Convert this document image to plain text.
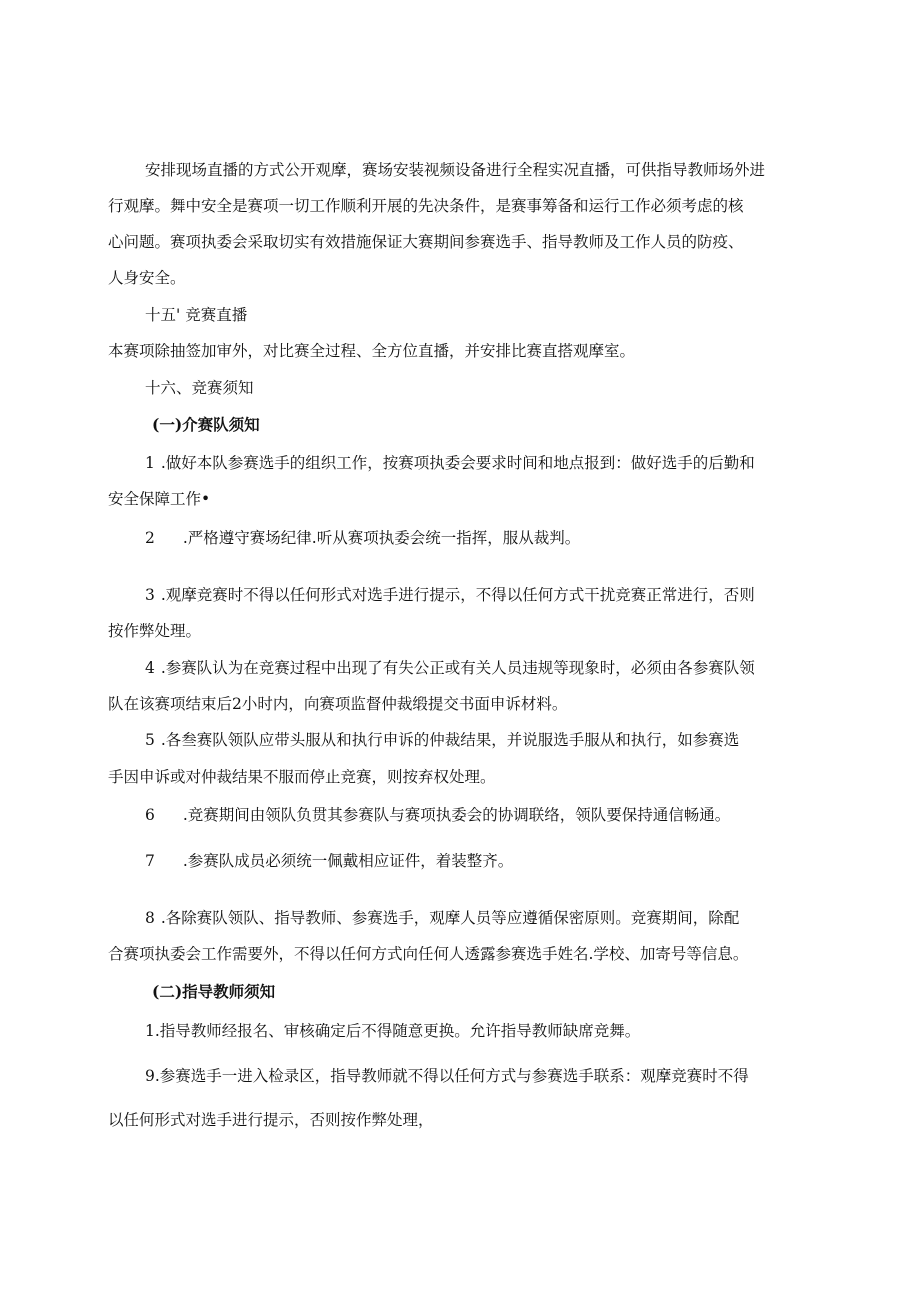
安排现场直播的方式公开观摩，赛场安装视频设备进行全程实况直播，可供指导教师场外进

行观摩。舞中安全是赛项一切工作顺利开展的先决条件，是赛事筹备和运行工作必须考虑的核

心问题。赛项执委会采取切实有效措施保证大赛期间参赛选手、指导教师及工作人员的防疫、

人身安全。

十五' 竞赛直播

本赛项除抽签加审外，对比赛全过程、全方位直播，并安排比赛直搭观摩室。

十六、竞赛须知

(一)介赛队须知

1 .做好本队参赛选手的组织工作，按赛项执委会要求时间和地点报到：做好选手的后勤和

安全保障工作•

2 .严格遵守赛场纪律.听从赛项执委会统一指挥，服从裁判。

3 .观摩竞赛时不得以任何形式对选手进行提示，不得以任何方式干扰竞赛正常进行，否则

按作弊处理。

4 .参赛队认为在竞赛过程中出现了有失公正或有关人员违规等现象时，必须由各参赛队领

队在该赛项结束后2小时内，向赛项监督仲裁缎提交书面申诉材料。

5 .各叁赛队领队应带头服从和执行申诉的仲裁结果，并说服选手服从和执行，如参赛选

手因申诉或对仲裁结果不服而停止竞赛，则按弃权处理。

6 .竞赛期间由领队负贯其参赛队与赛项执委会的协调联络，领队要保持通信畅通。

7 .参赛队成员必须统一佩戴相应证件，着装整齐。

8 .各除赛队领队、指导教师、参赛选手，观摩人员等应遵循保密原则。竞赛期间，除配

合赛项执委会工作需要外，不得以任何方式向任何人透露参赛选手姓名.学校、加寄号等信息。

(二)指导教师须知

1.指导教师经报名、审核确定后不得随意更换。允许指导教师缺席竞舞。

9.参赛选手一进入检录区，指导教师就不得以任何方式与参赛选手联系：观摩竞赛时不得

以任何形式对选手进行提示，否则按作弊处理，
